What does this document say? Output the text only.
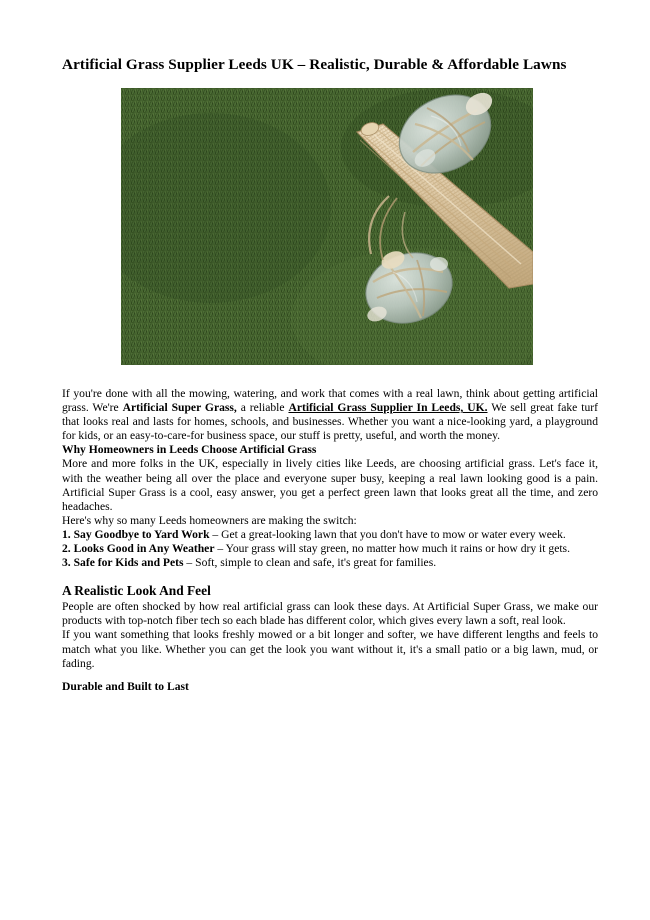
Artificial Grass Supplier Leeds UK – Realistic, Durable & Affordable Lawns

If you're done with all the mowing, watering, and work that comes with a real lawn, think about getting artificial grass. We're Artificial Super Grass, a reliable Artificial Grass Supplier In Leeds, UK. We sell great fake turf that looks real and lasts for homes, schools, and businesses. Whether you want a nice-looking yard, a playground for kids, or an easy-to-care-for business space, our stuff is pretty, useful, and worth the money.

Why Homeowners in Leeds Choose Artificial Grass

More and more folks in the UK, especially in lively cities like Leeds, are choosing artificial grass. Let's face it, with the weather being all over the place and everyone super busy, keeping a real lawn looking good is a pain. Artificial Super Grass is a cool, easy answer, you get a perfect green lawn that looks great all the time, and zero headaches.

Here's why so many Leeds homeowners are making the switch:

1. Say Goodbye to Yard Work – Get a great-looking lawn that you don't have to mow or water every week.

2. Looks Good in Any Weather – Your grass will stay green, no matter how much it rains or how dry it gets.

3. Safe for Kids and Pets – Soft, simple to clean and safe, it's great for families.

A Realistic Look And Feel

People are often shocked by how real artificial grass can look these days. At Artificial Super Grass, we make our products with top-notch fiber tech so each blade has different color, which gives every lawn a soft, real look.

If you want something that looks freshly mowed or a bit longer and softer, we have different lengths and feels to match what you like. Whether you can get the look you want without it, it's a small patio or a big lawn, mud, or fading.

Durable and Built to Last
